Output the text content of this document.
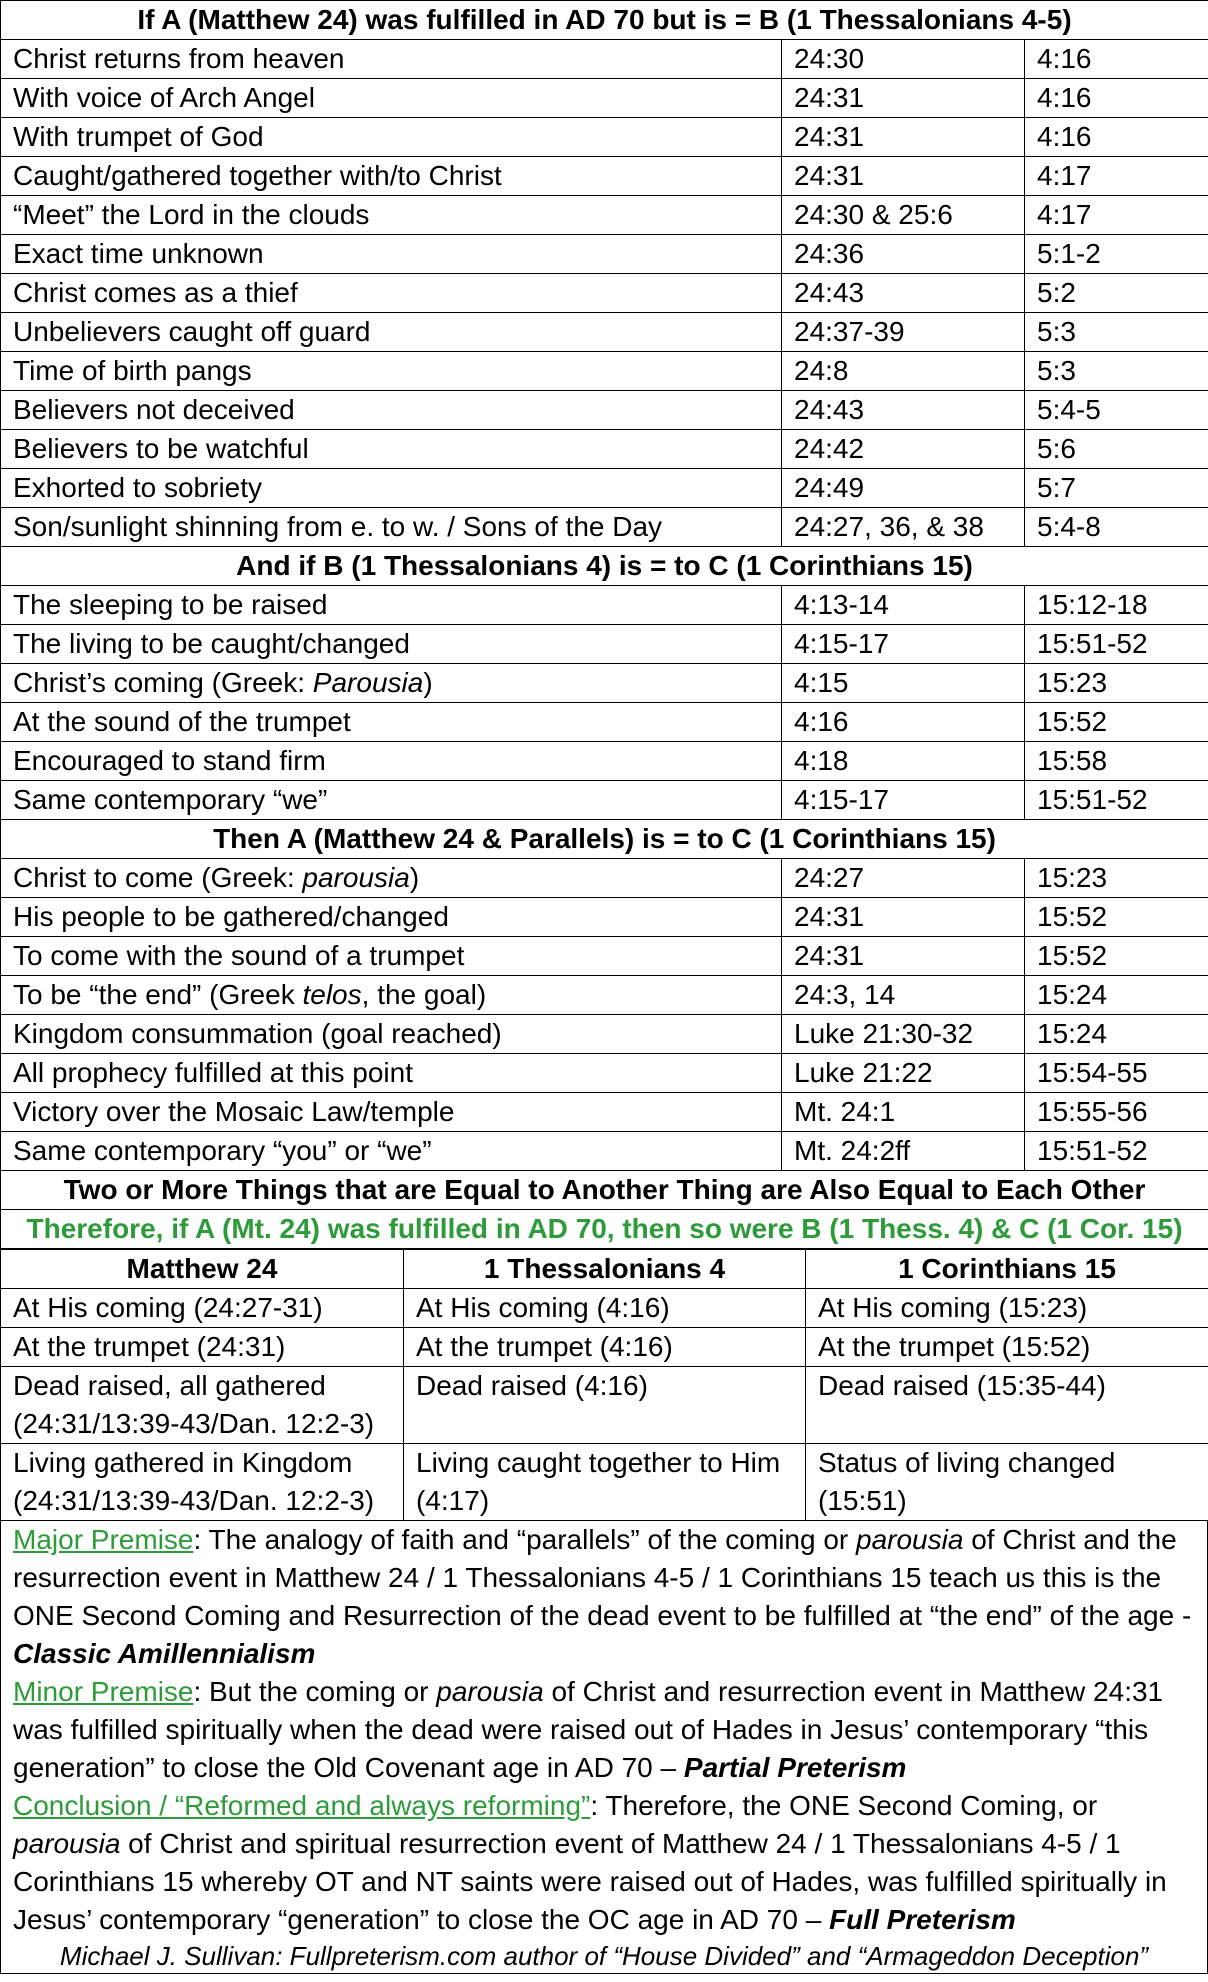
If A (Matthew 24) was fulfilled in AD 70 but is = B (1 Thessalonians 4-5)		
Christ returns from heaven	24:30	4:16
With voice of Arch Angel	24:31	4:16
With trumpet of God	24:31	4:16
Caught/gathered together with/to Christ	24:31	4:17
“Meet” the Lord in the clouds	24:30 & 25:6	4:17
Exact time unknown	24:36	5:1-2
Christ comes as a thief	24:43	5:2
Unbelievers caught off guard	24:37-39	5:3
Time of birth pangs	24:8	5:3
Believers not deceived	24:43	5:4-5
Believers to be watchful	24:42	5:6
Exhorted to sobriety	24:49	5:7
Son/sunlight shinning from e. to w. / Sons of the Day	24:27, 36, & 38	5:4-8
And if B (1 Thessalonians 4) is = to C (1 Corinthians 15)		
The sleeping to be raised	4:13-14	15:12-18
The living to be caught/changed	4:15-17	15:51-52
Christ’s coming (Greek: Parousia)	4:15	15:23
At the sound of the trumpet	4:16	15:52
Encouraged to stand firm	4:18	15:58
Same contemporary “we”	4:15-17	15:51-52
Then A (Matthew 24 & Parallels) is = to C (1 Corinthians 15)		
Christ to come (Greek: parousia)	24:27	15:23
His people to be gathered/changed	24:31	15:52
To come with the sound of a trumpet	24:31	15:52
To be “the end” (Greek telos, the goal)	24:3, 14	15:24
Kingdom consummation (goal reached)	Luke 21:30-32	15:24
All prophecy fulfilled at this point	Luke 21:22	15:54-55
Victory over the Mosaic Law/temple	Mt. 24:1	15:55-56
Same contemporary “you” or “we”	Mt. 24:2ff	15:51-52
Two or More Things that are Equal to Another Thing are Also Equal to Each Other		
Therefore, if A (Mt. 24) was fulfilled in AD 70, then so were B (1 Thess. 4) & C (1 Cor. 15)		
Matthew 24	1 Thessalonians 4	1 Corinthians 15
At His coming (24:27-31)	At His coming (4:16)	At His coming (15:23)
At the trumpet (24:31)	At the trumpet (4:16)	At the trumpet (15:52)
Dead raised, all gathered (24:31/13:39-43/Dan. 12:2-3)	Dead raised (4:16)	Dead raised (15:35-44)
Living gathered in Kingdom (24:31/13:39-43/Dan. 12:2-3)	Living caught together to Him (4:17)	Status of living changed (15:51)

Major Premise: The analogy of faith and “parallels” of the coming or parousia of Christ and the resurrection event in Matthew 24 / 1 Thessalonians 4-5 / 1 Corinthians 15 teach us this is the ONE Second Coming and Resurrection of the dead event to be fulfilled at “the end” of the age - Classic Amillennialism

Minor Premise: But the coming or parousia of Christ and resurrection event in Matthew 24:31 was fulfilled spiritually when the dead were raised out of Hades in Jesus’ contemporary “this generation” to close the Old Covenant age in AD 70 – Partial Preterism

Conclusion / “Reformed and always reforming”: Therefore, the ONE Second Coming, or parousia of Christ and spiritual resurrection event of Matthew 24 / 1 Thessalonians 4-5 / 1 Corinthians 15 whereby OT and NT saints were raised out of Hades, was fulfilled spiritually in Jesus’ contemporary “generation” to close the OC age in AD 70 – Full Preterism

Michael J. Sullivan: Fullpreterism.com author of “House Divided” and “Armageddon Deception”
